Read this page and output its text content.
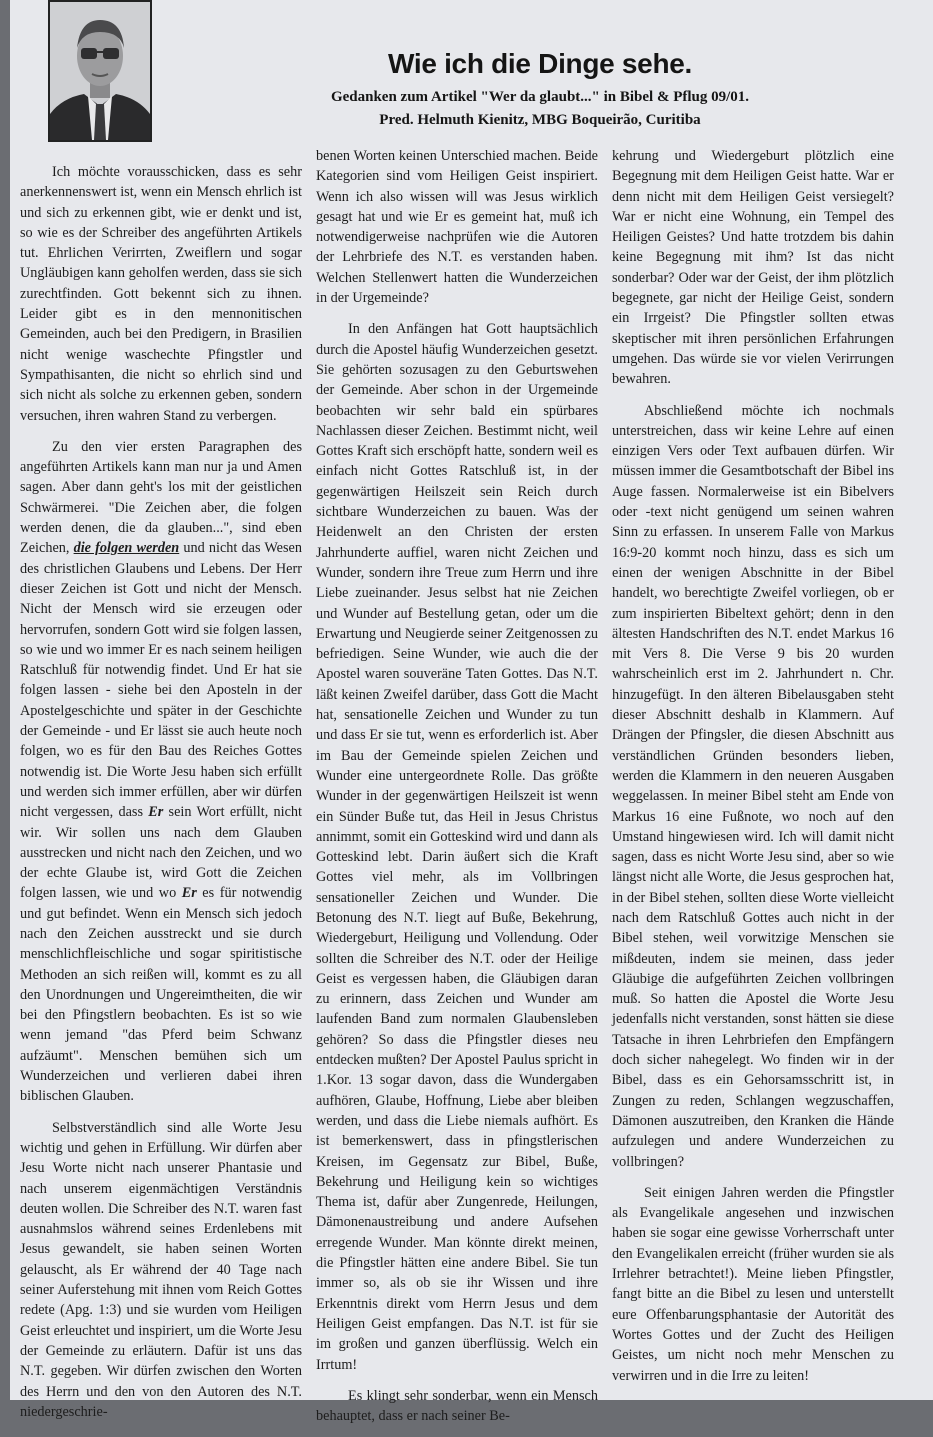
Wie ich die Dinge sehe.

Gedanken zum Artikel "Wer da glaubt..." in Bibel & Pflug 09/01.

Pred. Helmuth Kienitz, MBG Boqueirão, Curitiba

Ich möchte vorausschicken, dass es sehr anerkennenswert ist, wenn ein Mensch ehrlich ist und sich zu erkennen gibt, wie er denkt und ist, so wie es der Schreiber des angeführten Artikels tut. Ehrlichen Verirrten, Zweiflern und sogar Ungläubigen kann geholfen werden, dass sie sich zurechtfinden. Gott bekennt sich zu ihnen. Leider gibt es in den mennonitischen Gemeinden, auch bei den Predigern, in Brasilien nicht wenige waschechte Pfingstler und Sympathisanten, die nicht so ehrlich sind und sich nicht als solche zu erkennen geben, sondern versuchen, ihren wahren Stand zu verbergen.

Zu den vier ersten Paragraphen des angeführten Artikels kann man nur ja und Amen sagen. Aber dann geht's los mit der geistlichen Schwärmerei. "Die Zeichen aber, die folgen werden denen, die da glauben...", sind eben Zeichen, die folgen werden und nicht das Wesen des christlichen Glaubens und Lebens. Der Herr dieser Zeichen ist Gott und nicht der Mensch. Nicht der Mensch wird sie erzeugen oder hervorrufen, sondern Gott wird sie folgen lassen, so wie und wo immer Er es nach seinem heiligen Ratschluß für notwendig findet. Und Er hat sie folgen lassen - siehe bei den Aposteln in der Apostelgeschichte und später in der Geschichte der Gemeinde - und Er lässt sie auch heute noch folgen, wo es für den Bau des Reiches Gottes notwendig ist. Die Worte Jesu haben sich erfüllt und werden sich immer erfüllen, aber wir dürfen nicht vergessen, dass Er sein Wort erfüllt, nicht wir. Wir sollen uns nach dem Glauben ausstrecken und nicht nach den Zeichen, und wo der echte Glaube ist, wird Gott die Zeichen folgen lassen, wie und wo Er es für notwendig und gut befindet. Wenn ein Mensch sich jedoch nach den Zeichen ausstreckt und sie durch menschlichfleischliche und sogar spiritistische Methoden an sich reißen will, kommt es zu all den Unordnungen und Ungereimtheiten, die wir bei den Pfingstlern beobachten. Es ist so wie wenn jemand "das Pferd beim Schwanz aufzäumt". Menschen bemühen sich um Wunderzeichen und verlieren dabei ihren biblischen Glauben.

Selbstverständlich sind alle Worte Jesu wichtig und gehen in Erfüllung. Wir dürfen aber Jesu Worte nicht nach unserer Phantasie und nach unserem eigenmächtigen Verständnis deuten wollen. Die Schreiber des N.T. waren fast ausnahmslos während seines Erdenlebens mit Jesus gewandelt, sie haben seinen Worten gelauscht, als Er während der 40 Tage nach seiner Auferstehung mit ihnen vom Reich Gottes redete (Apg. 1:3) und sie wurden vom Heiligen Geist erleuchtet und inspiriert, um die Worte Jesu der Gemeinde zu erläutern. Dafür ist uns das N.T. gegeben. Wir dürfen zwischen den Worten des Herrn und den von den Autoren des N.T. niedergeschrie-

benen Worten keinen Unterschied machen. Beide Kategorien sind vom Heiligen Geist inspiriert. Wenn ich also wissen will was Jesus wirklich gesagt hat und wie Er es gemeint hat, muß ich notwendigerweise nachprüfen wie die Autoren der Lehrbriefe des N.T. es verstanden haben. Welchen Stellenwert hatten die Wunderzeichen in der Urgemeinde?

In den Anfängen hat Gott hauptsächlich durch die Apostel häufig Wunderzeichen gesetzt. Sie gehörten sozusagen zu den Geburtswehen der Gemeinde. Aber schon in der Urgemeinde beobachten wir sehr bald ein spürbares Nachlassen dieser Zeichen. Bestimmt nicht, weil Gottes Kraft sich erschöpft hatte, sondern weil es einfach nicht Gottes Ratschluß ist, in der gegenwärtigen Heilszeit sein Reich durch sichtbare Wunderzeichen zu bauen. Was der Heidenwelt an den Christen der ersten Jahrhunderte auffiel, waren nicht Zeichen und Wunder, sondern ihre Treue zum Herrn und ihre Liebe zueinander. Jesus selbst hat nie Zeichen und Wunder auf Bestellung getan, oder um die Erwartung und Neugierde seiner Zeitgenossen zu befriedigen. Seine Wunder, wie auch die der Apostel waren souveräne Taten Gottes. Das N.T. läßt keinen Zweifel darüber, dass Gott die Macht hat, sensationelle Zeichen und Wunder zu tun und dass Er sie tut, wenn es erforderlich ist. Aber im Bau der Gemeinde spielen Zeichen und Wunder eine untergeordnete Rolle. Das größte Wunder in der gegenwärtigen Heilszeit ist wenn ein Sünder Buße tut, das Heil in Jesus Christus annimmt, somit ein Gotteskind wird und dann als Gotteskind lebt. Darin äußert sich die Kraft Gottes viel mehr, als im Vollbringen sensationeller Zeichen und Wunder. Die Betonung des N.T. liegt auf Buße, Bekehrung, Wiedergeburt, Heiligung und Vollendung. Oder sollten die Schreiber des N.T. oder der Heilige Geist es vergessen haben, die Gläubigen daran zu erinnern, dass Zeichen und Wunder am laufenden Band zum normalen Glaubensleben gehören? So dass die Pfingstler dieses neu entdecken mußten? Der Apostel Paulus spricht in 1.Kor. 13 sogar davon, dass die Wundergaben aufhören, Glaube, Hoffnung, Liebe aber bleiben werden, und dass die Liebe niemals aufhört. Es ist bemerkenswert, dass in pfingstlerischen Kreisen, im Gegensatz zur Bibel, Buße, Bekehrung und Heiligung kein so wichtiges Thema ist, dafür aber Zungenrede, Heilungen, Dämonenaustreibung und andere Aufsehen erregende Wunder. Man könnte direkt meinen, die Pfingstler hätten eine andere Bibel. Sie tun immer so, als ob sie ihr Wissen und ihre Erkenntnis direkt vom Herrn Jesus und dem Heiligen Geist empfangen. Das N.T. ist für sie im großen und ganzen überflüssig. Welch ein Irrtum!

Es klingt sehr sonderbar, wenn ein Mensch behauptet, dass er nach seiner Be-

kehrung und Wiedergeburt plötzlich eine Begegnung mit dem Heiligen Geist hatte. War er denn nicht mit dem Heiligen Geist versiegelt? War er nicht eine Wohnung, ein Tempel des Heiligen Geistes? Und hatte trotzdem bis dahin keine Begegnung mit ihm? Ist das nicht sonderbar? Oder war der Geist, der ihm plötzlich begegnete, gar nicht der Heilige Geist, sondern ein Irrgeist? Die Pfingstler sollten etwas skeptischer mit ihren persönlichen Erfahrungen umgehen. Das würde sie vor vielen Verirrungen bewahren.

Abschließend möchte ich nochmals unterstreichen, dass wir keine Lehre auf einen einzigen Vers oder Text aufbauen dürfen. Wir müssen immer die Gesamtbotschaft der Bibel ins Auge fassen. Normalerweise ist ein Bibelvers oder -text nicht genügend um seinen wahren Sinn zu erfassen. In unserem Falle von Markus 16:9-20 kommt noch hinzu, dass es sich um einen der wenigen Abschnitte in der Bibel handelt, wo berechtigte Zweifel vorliegen, ob er zum inspirierten Bibeltext gehört; denn in den ältesten Handschriften des N.T. endet Markus 16 mit Vers 8. Die Verse 9 bis 20 wurden wahrscheinlich erst im 2. Jahrhundert n. Chr. hinzugefügt. In den älteren Bibelausgaben steht dieser Abschnitt deshalb in Klammern. Auf Drängen der Pfingsler, die diesen Abschnitt aus verständlichen Gründen besonders lieben, werden die Klammern in den neueren Ausgaben weggelassen. In meiner Bibel steht am Ende von Markus 16 eine Fußnote, wo noch auf den Umstand hingewiesen wird. Ich will damit nicht sagen, dass es nicht Worte Jesu sind, aber so wie längst nicht alle Worte, die Jesus gesprochen hat, in der Bibel stehen, sollten diese Worte vielleicht nach dem Ratschluß Gottes auch nicht in der Bibel stehen, weil vorwitzige Menschen sie mißdeuten, indem sie meinen, dass jeder Gläubige die aufgeführten Zeichen vollbringen muß. So hatten die Apostel die Worte Jesu jedenfalls nicht verstanden, sonst hätten sie diese Tatsache in ihren Lehrbriefen den Empfängern doch sicher nahegelegt. Wo finden wir in der Bibel, dass es ein Gehorsamsschritt ist, in Zungen zu reden, Schlangen wegzuschaffen, Dämonen auszutreiben, den Kranken die Hände aufzulegen und andere Wunderzeichen zu vollbringen?

Seit einigen Jahren werden die Pfingstler als Evangelikale angesehen und inzwischen haben sie sogar eine gewisse Vorherrschaft unter den Evangelikalen erreicht (früher wurden sie als Irrlehrer betrachtet!). Meine lieben Pfingstler, fangt bitte an die Bibel zu lesen und unterstellt eure Offenbarungsphantasie der Autorität des Wortes Gottes und der Zucht des Heiligen Geistes, um nicht noch mehr Menschen zu verwirren und in die Irre zu leiten!
